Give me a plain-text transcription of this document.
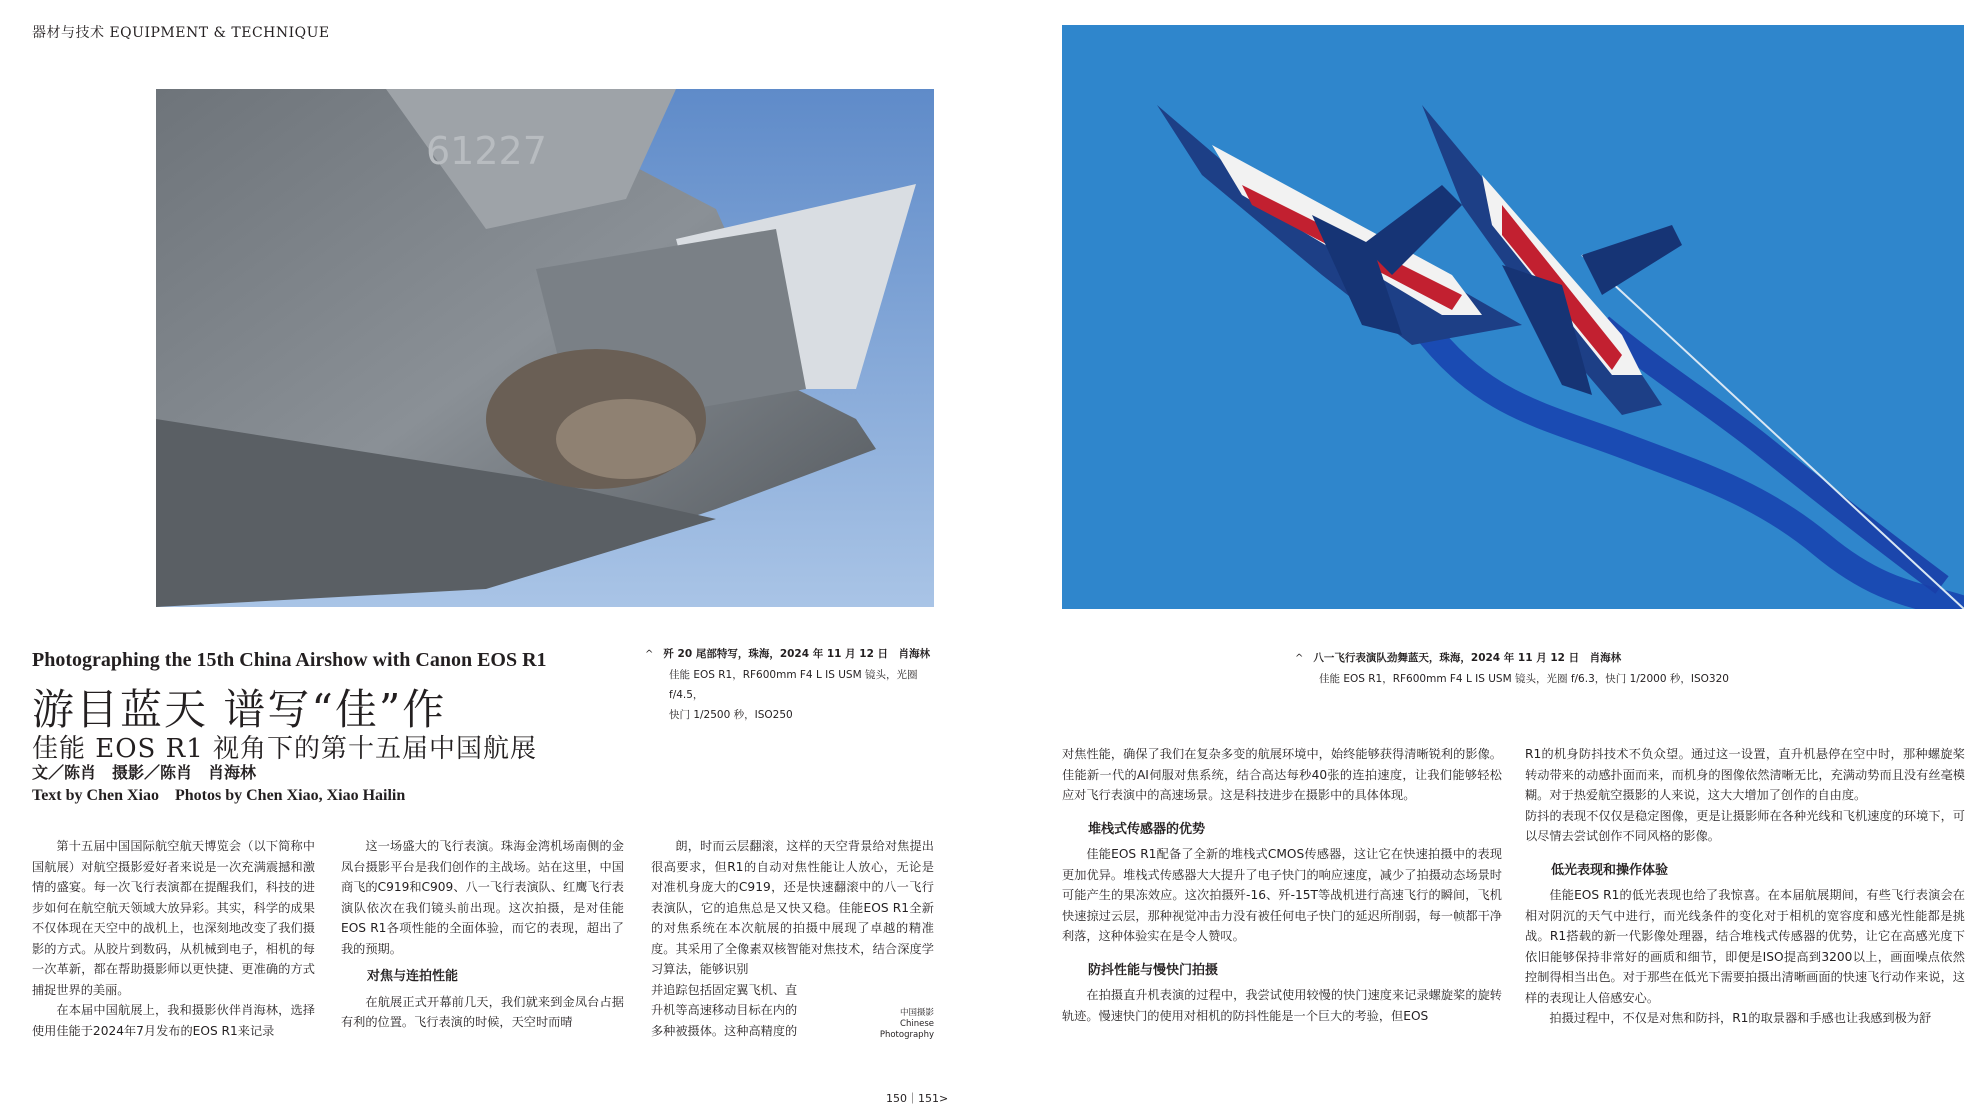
器材与技术 EQUIPMENT & TECHNIQUE
61227
Photographing the 15th China Airshow with Canon EOS R1
游目蓝天 谱写“佳”作
佳能 EOS R1 视角下的第十五届中国航展
文／陈肖　摄影／陈肖　肖海林
Text by Chen Xiao　Photos by Chen Xiao, Xiao Hailin
^ 歼 20 尾部特写，珠海，2024 年 11 月 12 日　肖海林
佳能 EOS R1，RF600mm F4 L IS USM 镜头，光圈 f/4.5，
快门 1/2500 秒，ISO250
^ 八一飞行表演队劲舞蓝天，珠海，2024 年 11 月 12 日　肖海林
佳能 EOS R1，RF600mm F4 L IS USM 镜头，光圈 f/6.3，快门 1/2000 秒，ISO320

第十五届中国国际航空航天博览会（以下简称中国航展）对航空摄影爱好者来说是一次充满震撼和激情的盛宴。每一次飞行表演都在提醒我们，科技的进步如何在航空航天领域大放异彩。其实，科学的成果不仅体现在天空中的战机上，也深刻地改变了我们摄影的方式。从胶片到数码，从机械到电子，相机的每一次革新，都在帮助摄影师以更快捷、更准确的方式捕捉世界的美丽。

在本届中国航展上，我和摄影伙伴肖海林，选择使用佳能于2024年7月发布的EOS R1来记录

这一场盛大的飞行表演。珠海金湾机场南侧的金凤台摄影平台是我们创作的主战场。站在这里，中国商飞的C919和C909、八一飞行表演队、红鹰飞行表演队依次在我们镜头前出现。这次拍摄，是对佳能EOS R1各项性能的全面体验，而它的表现，超出了我的预期。

对焦与连拍性能

在航展正式开幕前几天，我们就来到金凤台占据有利的位置。飞行表演的时候，天空时而晴

朗，时而云层翻滚，这样的天空背景给对焦提出很高要求，但R1的自动对焦性能让人放心，无论是对准机身庞大的C919，还是快速翻滚中的八一飞行表演队，它的追焦总是又快又稳。佳能EOS R1全新的对焦系统在本次航展的拍摄中展现了卓越的精准度。其采用了全像素双核智能对焦技术，结合深度学习算法，能够识别

并追踪包括固定翼飞机、直
升机等高速移动目标在内的
多种被摄体。这种高精度的
中国摄影
Chinese
Photography

对焦性能，确保了我们在复杂多变的航展环境中，始终能够获得清晰锐利的影像。佳能新一代的AI伺服对焦系统，结合高达每秒40张的连拍速度，让我们能够轻松应对飞行表演中的高速场景。这是科技进步在摄影中的具体体现。

堆栈式传感器的优势

佳能EOS R1配备了全新的堆栈式CMOS传感器，这让它在快速拍摄中的表现更加优异。堆栈式传感器大大提升了电子快门的响应速度，减少了拍摄动态场景时可能产生的果冻效应。这次拍摄歼-16、歼-15T等战机进行高速飞行的瞬间，飞机快速掠过云层，那种视觉冲击力没有被任何电子快门的延迟所削弱，每一帧都干净利落，这种体验实在是令人赞叹。

防抖性能与慢快门拍摄

在拍摄直升机表演的过程中，我尝试使用较慢的快门速度来记录螺旋桨的旋转轨迹。慢速快门的使用对相机的防抖性能是一个巨大的考验，但EOS

R1的机身防抖技术不负众望。通过这一设置，直升机悬停在空中时，那种螺旋桨转动带来的动感扑面而来，而机身的图像依然清晰无比，充满动势而且没有丝毫模糊。对于热爱航空摄影的人来说，这大大增加了创作的自由度。

防抖的表现不仅仅是稳定图像，更是让摄影师在各种光线和飞机速度的环境下，可以尽情去尝试创作不同风格的影像。

低光表现和操作体验

佳能EOS R1的低光表现也给了我惊喜。在本届航展期间，有些飞行表演会在相对阴沉的天气中进行，而光线条件的变化对于相机的宽容度和感光性能都是挑战。R1搭载的新一代影像处理器，结合堆栈式传感器的优势，让它在高感光度下依旧能够保持非常好的画质和细节，即便是ISO提高到3200以上，画面噪点依然控制得相当出色。对于那些在低光下需要拍摄出清晰画面的快速飞行动作来说，这样的表现让人倍感安心。

拍摄过程中，不仅是对焦和防抖，R1的取景器和手感也让我感到极为舒

150｜151>
